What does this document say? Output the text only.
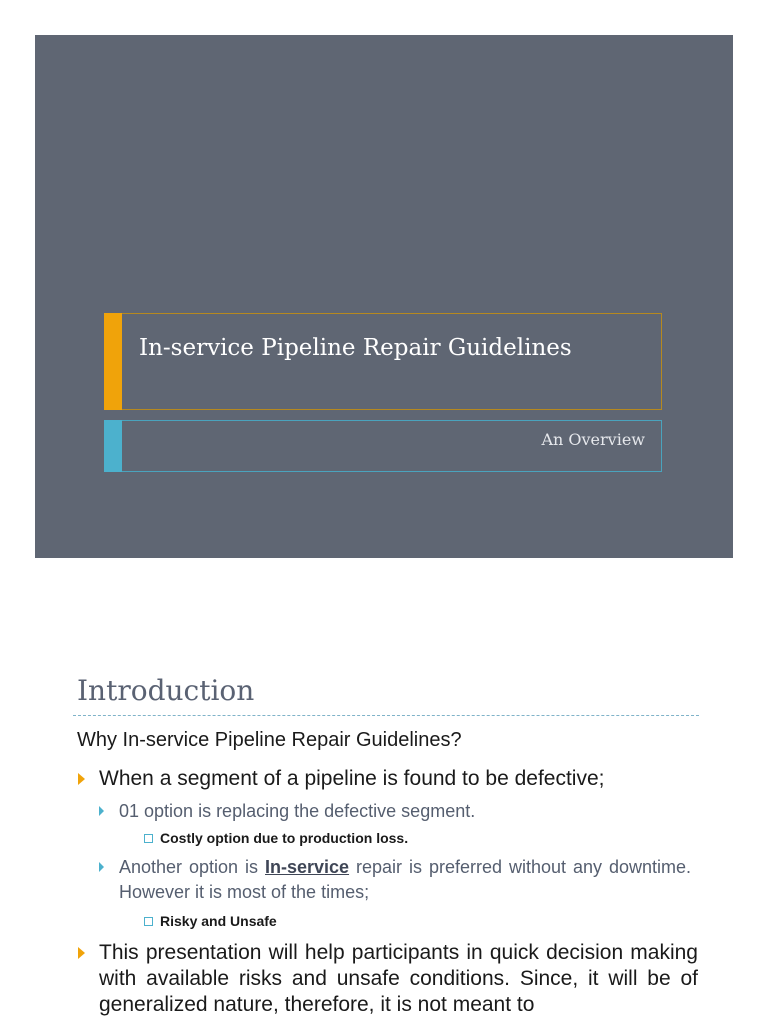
In-service Pipeline Repair Guidelines
An Overview
Introduction
Why In-service Pipeline Repair Guidelines?
When a segment of a pipeline is found to be defective;
01 option is replacing the defective segment.
Costly option due to production loss.
Another option is In-service repair is preferred without any downtime. However it is most of the times;
Risky and Unsafe
This presentation will help participants in quick decision making with available risks and unsafe conditions. Since, it will be of generalized nature, therefore, it is not meant to
